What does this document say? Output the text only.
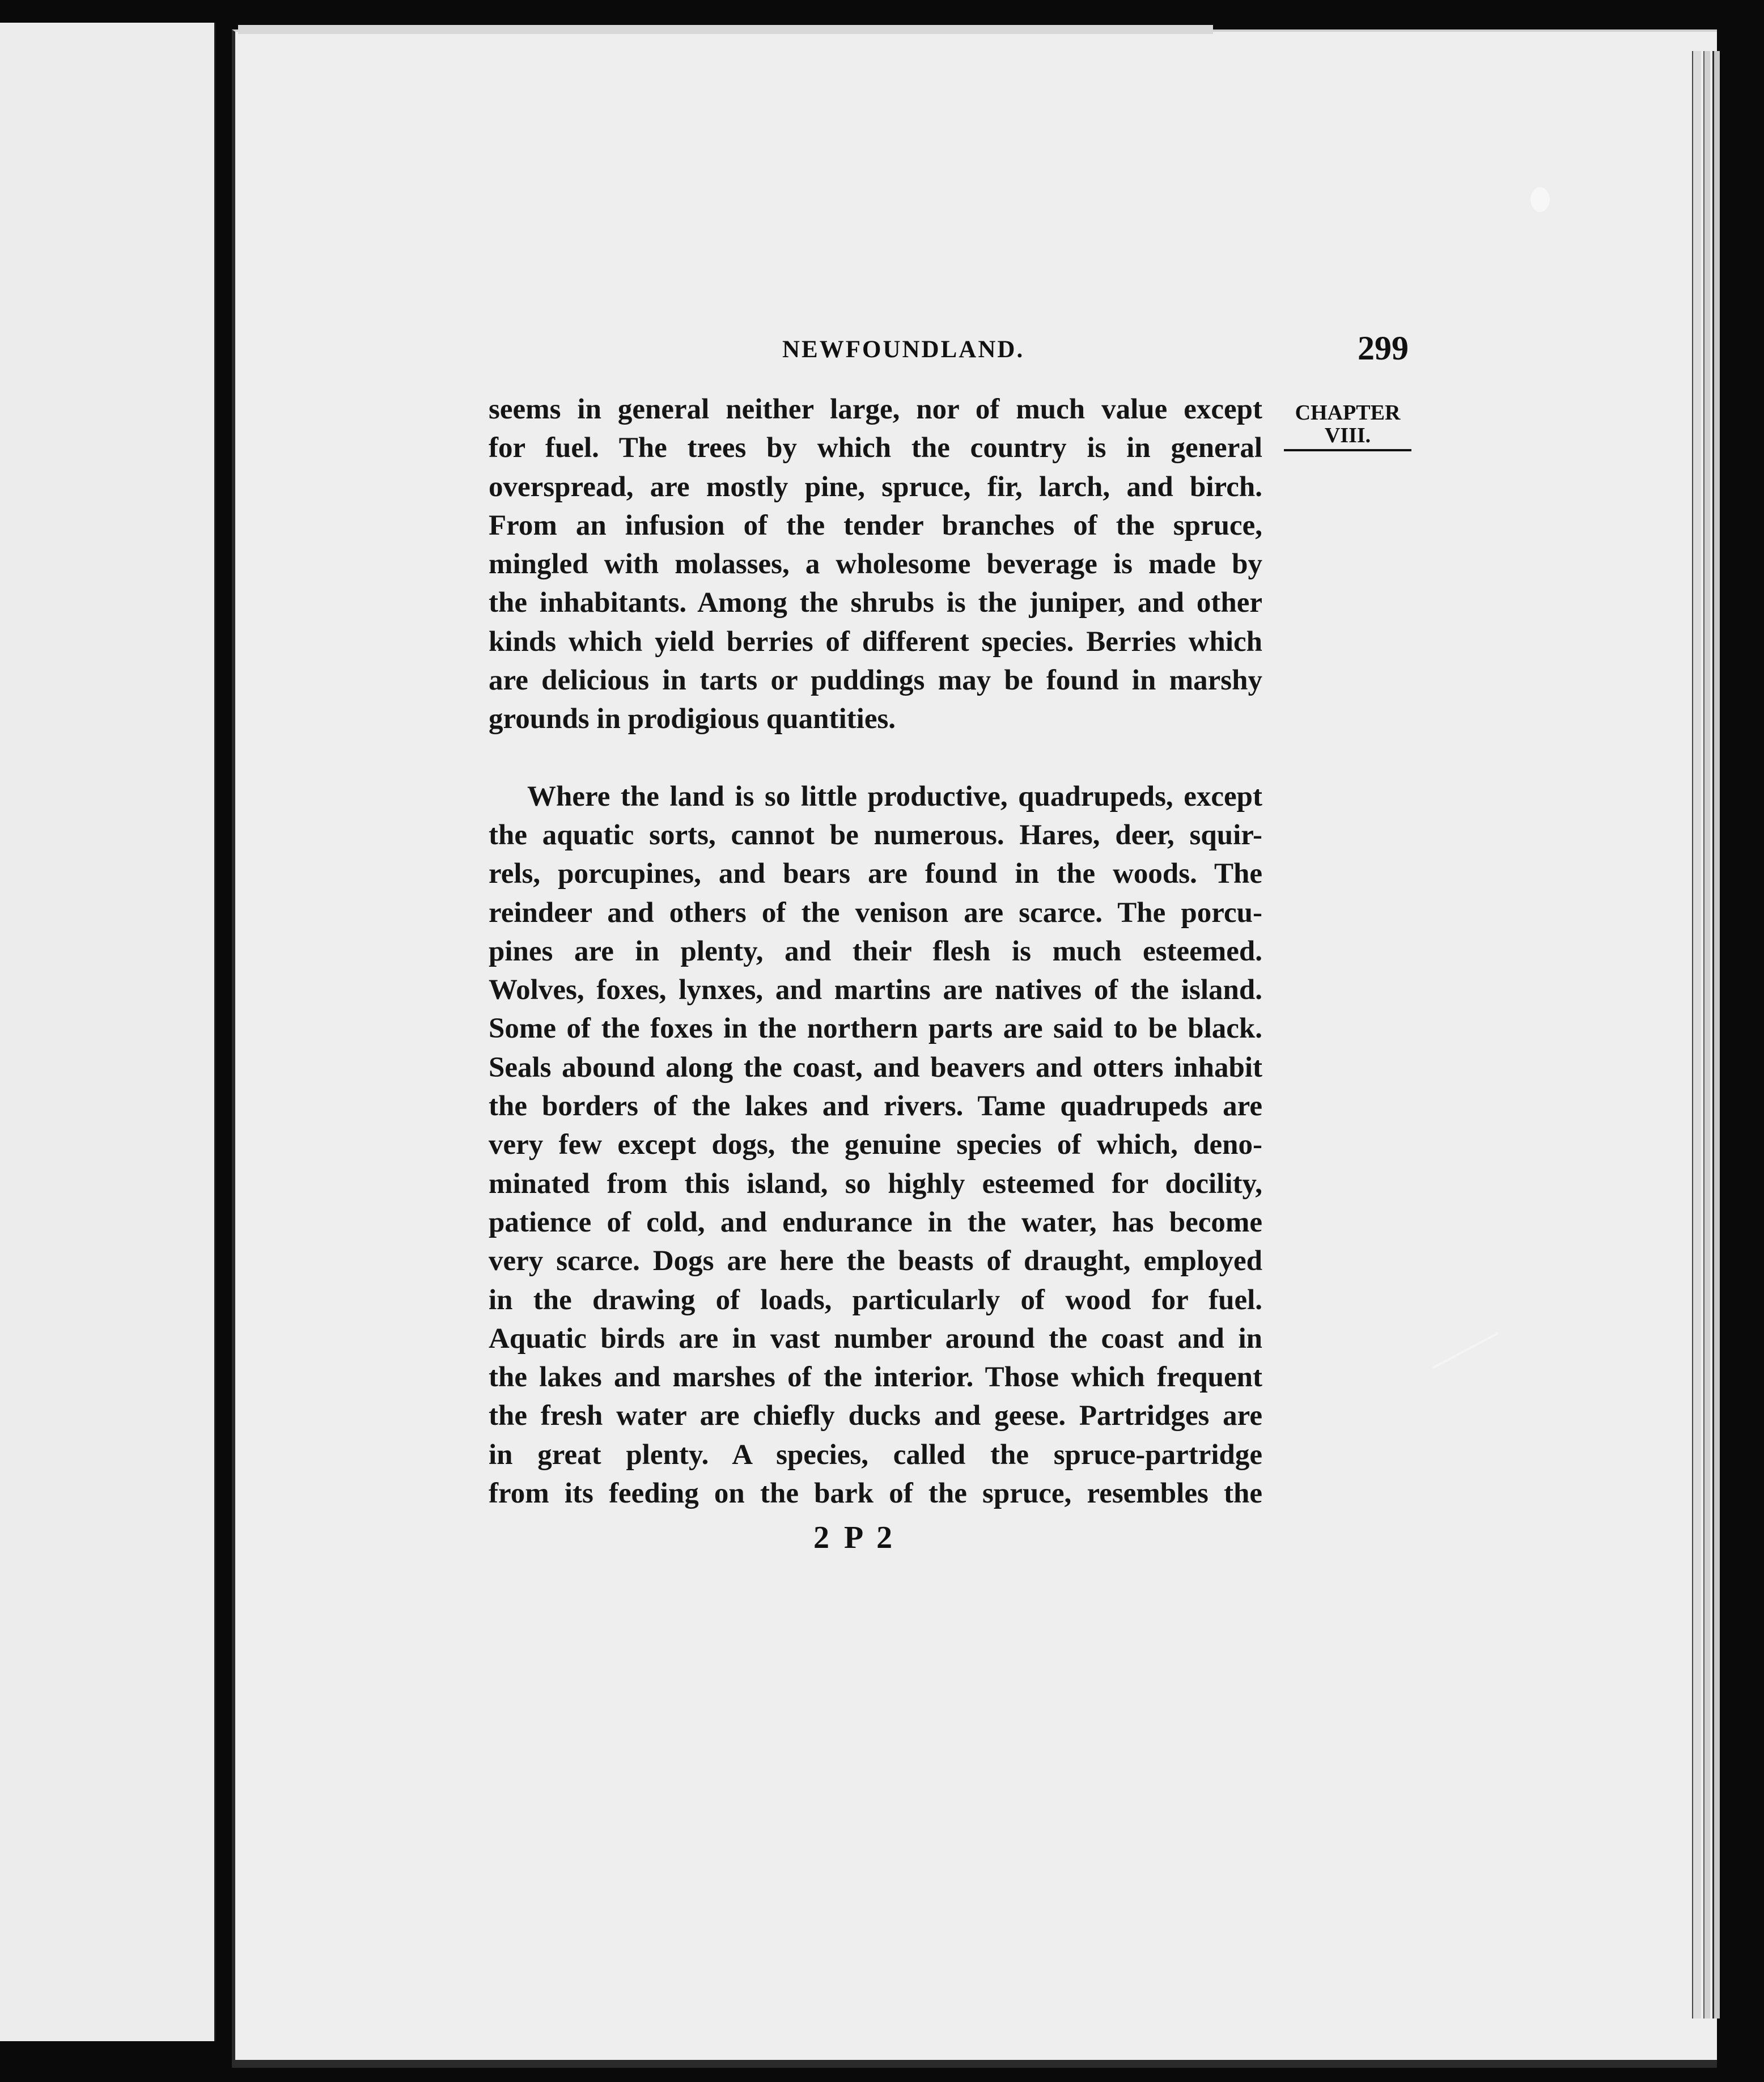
NEWFOUNDLAND.	299
CHAPTER
VIII.
seems in general neither large, nor of much value except
for fuel. The trees by which the country is in general
overspread, are mostly pine, spruce, fir, larch, and birch.
From an infusion of the tender branches of the spruce,
mingled with molasses, a wholesome beverage is made by
the inhabitants. Among the shrubs is the juniper, and other
kinds which yield berries of different species. Berries which
are delicious in tarts or puddings may be found in marshy
grounds in prodigious quantities.
Where the land is so little productive, quadrupeds, except
the aquatic sorts, cannot be numerous. Hares, deer, squir-
rels, porcupines, and bears are found in the woods. The
reindeer and others of the venison are scarce. The porcu-
pines are in plenty, and their flesh is much esteemed.
Wolves, foxes, lynxes, and martins are natives of the island.
Some of the foxes in the northern parts are said to be black.
Seals abound along the coast, and beavers and otters inhabit
the borders of the lakes and rivers. Tame quadrupeds are
very few except dogs, the genuine species of which, deno-
minated from this island, so highly esteemed for docility,
patience of cold, and endurance in the water, has become
very scarce. Dogs are here the beasts of draught, employed
in the drawing of loads, particularly of wood for fuel.
Aquatic birds are in vast number around the coast and in
the lakes and marshes of the interior. Those which frequent
the fresh water are chiefly ducks and geese. Partridges are
in great plenty. A species, called the spruce-partridge
from its feeding on the bark of the spruce, resembles the
2 P 2
